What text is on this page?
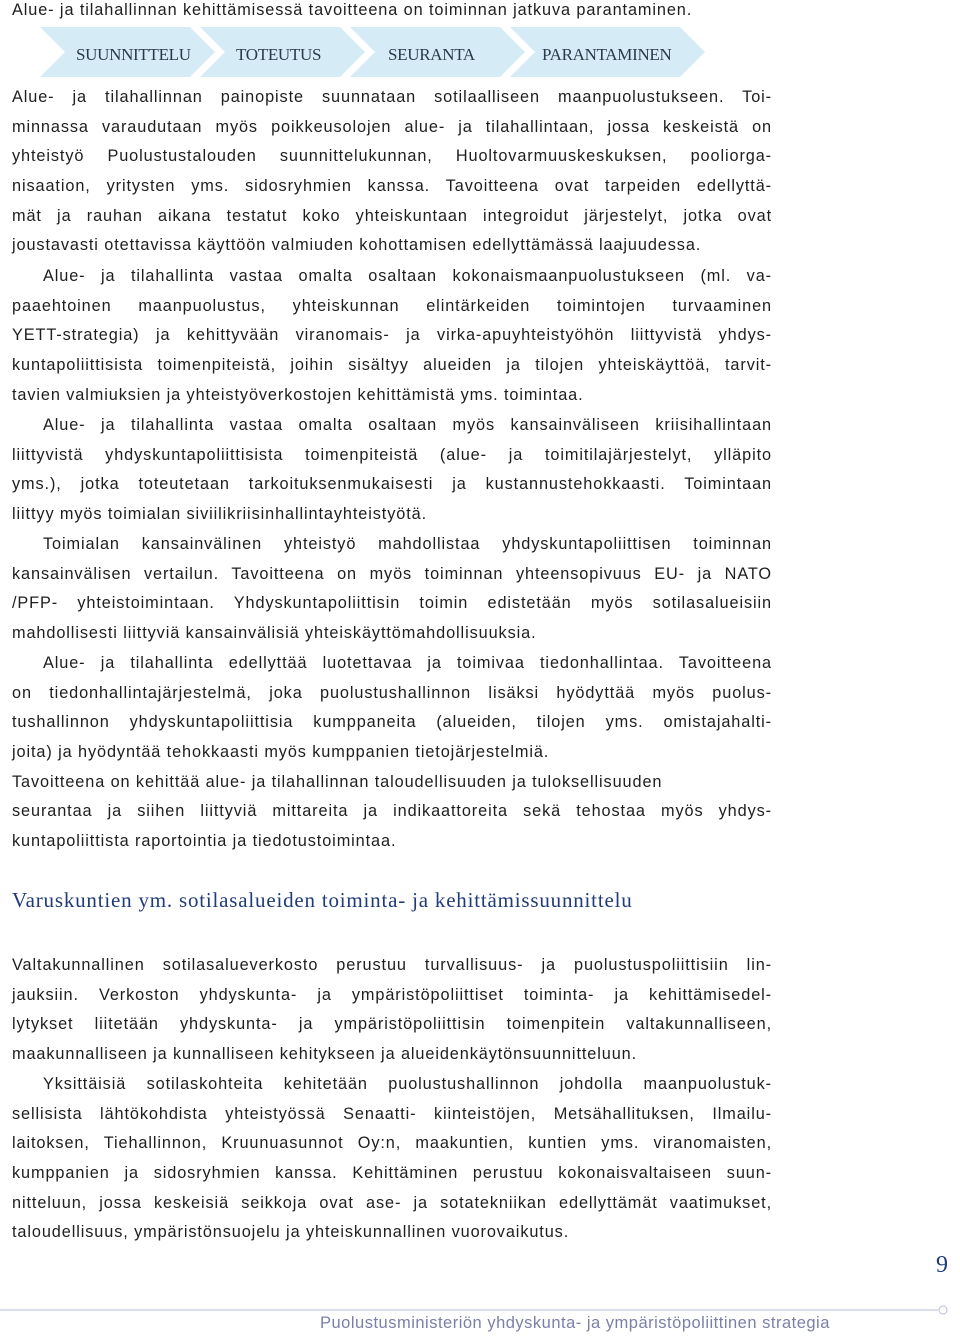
Alue- ja tilahallinnan kehittämisessä tavoitteena on toiminnan jatkuva parantaminen.
SUUNNITTELU	TOTEUTUS	SEURANTA	PARANTAMINEN
Alue- ja tilahallinnan painopiste suunnataan sotilaalliseen maanpuolustukseen. Toi-
minnassa varaudutaan myös poikkeusolojen alue- ja tilahallintaan, jossa keskeistä on
yhteistyö Puolustustalouden suunnittelukunnan, Huoltovarmuuskeskuksen, pooliorga-
nisaation, yritysten yms. sidosryhmien kanssa. Tavoitteena ovat tarpeiden edellyttä-
mät ja rauhan aikana testatut koko yhteiskuntaan integroidut järjestelyt, jotka ovat
joustavasti otettavissa käyttöön valmiuden kohottamisen edellyttämässä laajuudessa.
Alue- ja tilahallinta vastaa omalta osaltaan kokonaismaanpuolustukseen (ml. va-
paaehtoinen maanpuolustus, yhteiskunnan elintärkeiden toimintojen turvaaminen
YETT-strategia) ja kehittyvään viranomais- ja virka-apuyhteistyöhön liittyvistä yhdys-
kuntapoliittisista toimenpiteistä, joihin sisältyy alueiden ja tilojen yhteiskäyttöä, tarvit-
tavien valmiuksien ja yhteistyöverkostojen kehittämistä yms. toimintaa.
Alue- ja tilahallinta vastaa omalta osaltaan myös kansainväliseen kriisihallintaan
liittyvistä yhdyskuntapoliittisista toimenpiteistä (alue- ja toimitilajärjestelyt, ylläpito
yms.), jotka toteutetaan tarkoituksenmukaisesti ja kustannustehokkaasti. Toimintaan
liittyy myös toimialan siviilikriisinhallintayhteistyötä.
Toimialan kansainvälinen yhteistyö mahdollistaa yhdyskuntapoliittisen toiminnan
kansainvälisen vertailun. Tavoitteena on myös toiminnan yhteensopivuus EU- ja NATO
/PFP- yhteistoimintaan. Yhdyskuntapoliittisin toimin edistetään myös sotilasalueisiin
mahdollisesti liittyviä kansainvälisiä yhteiskäyttömahdollisuuksia.
Alue- ja tilahallinta edellyttää luotettavaa ja toimivaa tiedonhallintaa. Tavoitteena
on tiedonhallintajärjestelmä, joka puolustushallinnon lisäksi hyödyttää myös puolus-
tushallinnon yhdyskuntapoliittisia kumppaneita (alueiden, tilojen yms. omistajahalti-
joita) ja hyödyntää tehokkaasti myös kumppanien tietojärjestelmiä.
Tavoitteena on kehittää alue- ja tilahallinnan taloudellisuuden ja tuloksellisuuden
seurantaa ja siihen liittyviä mittareita ja indikaattoreita sekä tehostaa myös yhdys-
kuntapoliittista raportointia ja tiedotustoimintaa.
Varuskuntien ym. sotilasalueiden toiminta- ja kehittämissuunnittelu
Valtakunnallinen sotilasalueverkosto perustuu turvallisuus- ja puolustuspoliittisiin lin-
jauksiin. Verkoston yhdyskunta- ja ympäristöpoliittiset toiminta- ja kehittämisedel-
lytykset liitetään yhdyskunta- ja ympäristöpoliittisin toimenpitein valtakunnalliseen,
maakunnalliseen ja kunnalliseen kehitykseen ja alueidenkäytönsuunnitteluun.
Yksittäisiä sotilaskohteita kehitetään puolustushallinnon johdolla maanpuolustuk-
sellisista lähtökohdista yhteistyössä Senaatti- kiinteistöjen, Metsähallituksen, Ilmailu-
laitoksen, Tiehallinnon, Kruunuasunnot Oy:n, maakuntien, kuntien yms. viranomaisten,
kumppanien ja sidosryhmien kanssa. Kehittäminen perustuu kokonaisvaltaiseen suun-
nitteluun, jossa keskeisiä seikkoja ovat ase- ja sotatekniikan edellyttämät vaatimukset,
taloudellisuus, ympäristönsuojelu ja yhteiskunnallinen vuorovaikutus.
9
Puolustusministeriön yhdyskunta- ja ympäristöpoliittinen strategia
